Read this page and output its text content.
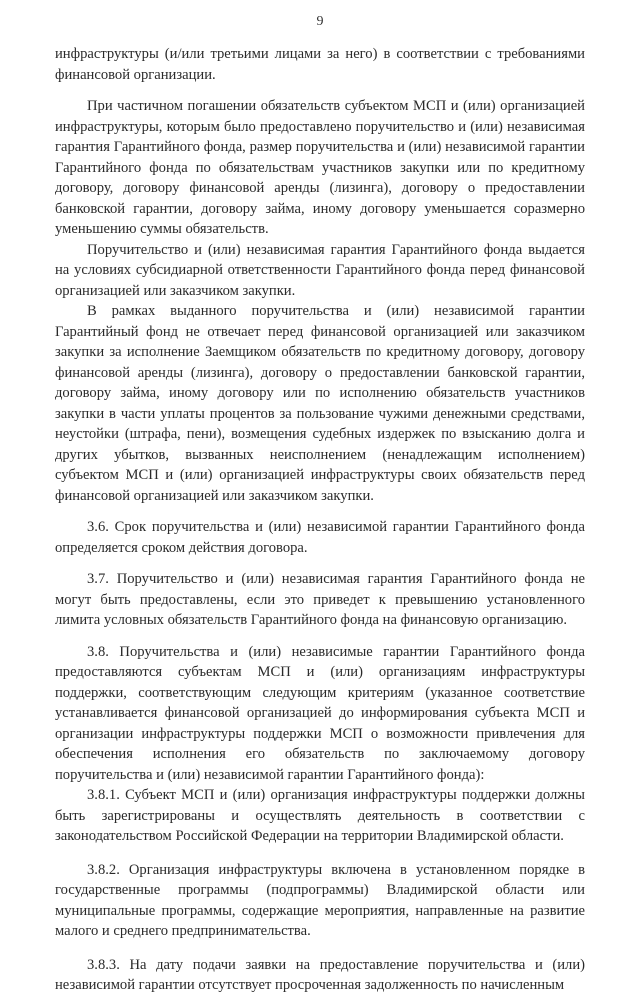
9

инфраструктуры (и/или третьими лицами за него) в соответствии с требованиями финансовой организации.

При частичном погашении обязательств субъектом МСП и (или) организацией инфраструктуры, которым было предоставлено поручительство и (или) независимая гарантия Гарантийного фонда, размер поручительства и (или) независимой гарантии Гарантийного фонда по обязательствам участников закупки или по кредитному договору, договору финансовой аренды (лизинга), договору о предоставлении банковской гарантии, договору займа, иному договору уменьшается соразмерно уменьшению суммы обязательств.

Поручительство и (или) независимая гарантия Гарантийного фонда выдается на условиях субсидиарной ответственности Гарантийного фонда перед финансовой организацией или заказчиком закупки.

В рамках выданного поручительства и (или) независимой гарантии Гарантийный фонд не отвечает перед финансовой организацией или заказчиком закупки за исполнение Заемщиком обязательств по кредитному договору, договору финансовой аренды (лизинга), договору о предоставлении банковской гарантии, договору займа, иному договору или по исполнению обязательств участников закупки в части уплаты процентов за пользование чужими денежными средствами, неустойки (штрафа, пени), возмещения судебных издержек по взысканию долга и других убытков, вызванных неисполнением (ненадлежащим исполнением) субъектом МСП и (или) организацией инфраструктуры своих обязательств перед финансовой организацией или заказчиком закупки.

3.6. Срок поручительства и (или) независимой гарантии Гарантийного фонда определяется сроком действия договора.

3.7. Поручительство и (или) независимая гарантия Гарантийного фонда не могут быть предоставлены, если это приведет к превышению установленного лимита условных обязательств Гарантийного фонда на финансовую организацию.

3.8. Поручительства и (или) независимые гарантии Гарантийного фонда предоставляются субъектам МСП и (или) организациям инфраструктуры поддержки, соответствующим следующим критериям (указанное соответствие устанавливается финансовой организацией до информирования субъекта МСП и организации инфраструктуры поддержки МСП о возможности привлечения для обеспечения исполнения его обязательств по заключаемому договору поручительства и (или) независимой гарантии Гарантийного фонда):

3.8.1. Субъект МСП и (или) организация инфраструктуры поддержки должны быть зарегистрированы и осуществлять деятельность в соответствии с законодательством Российской Федерации на территории Владимирской области.

3.8.2. Организация инфраструктуры включена в установленном порядке в государственные программы (подпрограммы) Владимирской области или муниципальные программы, содержащие мероприятия, направленные на развитие малого и среднего предпринимательства.

3.8.3. На дату подачи заявки на предоставление поручительства и (или) независимой гарантии отсутствует просроченная задолженность по начисленным
